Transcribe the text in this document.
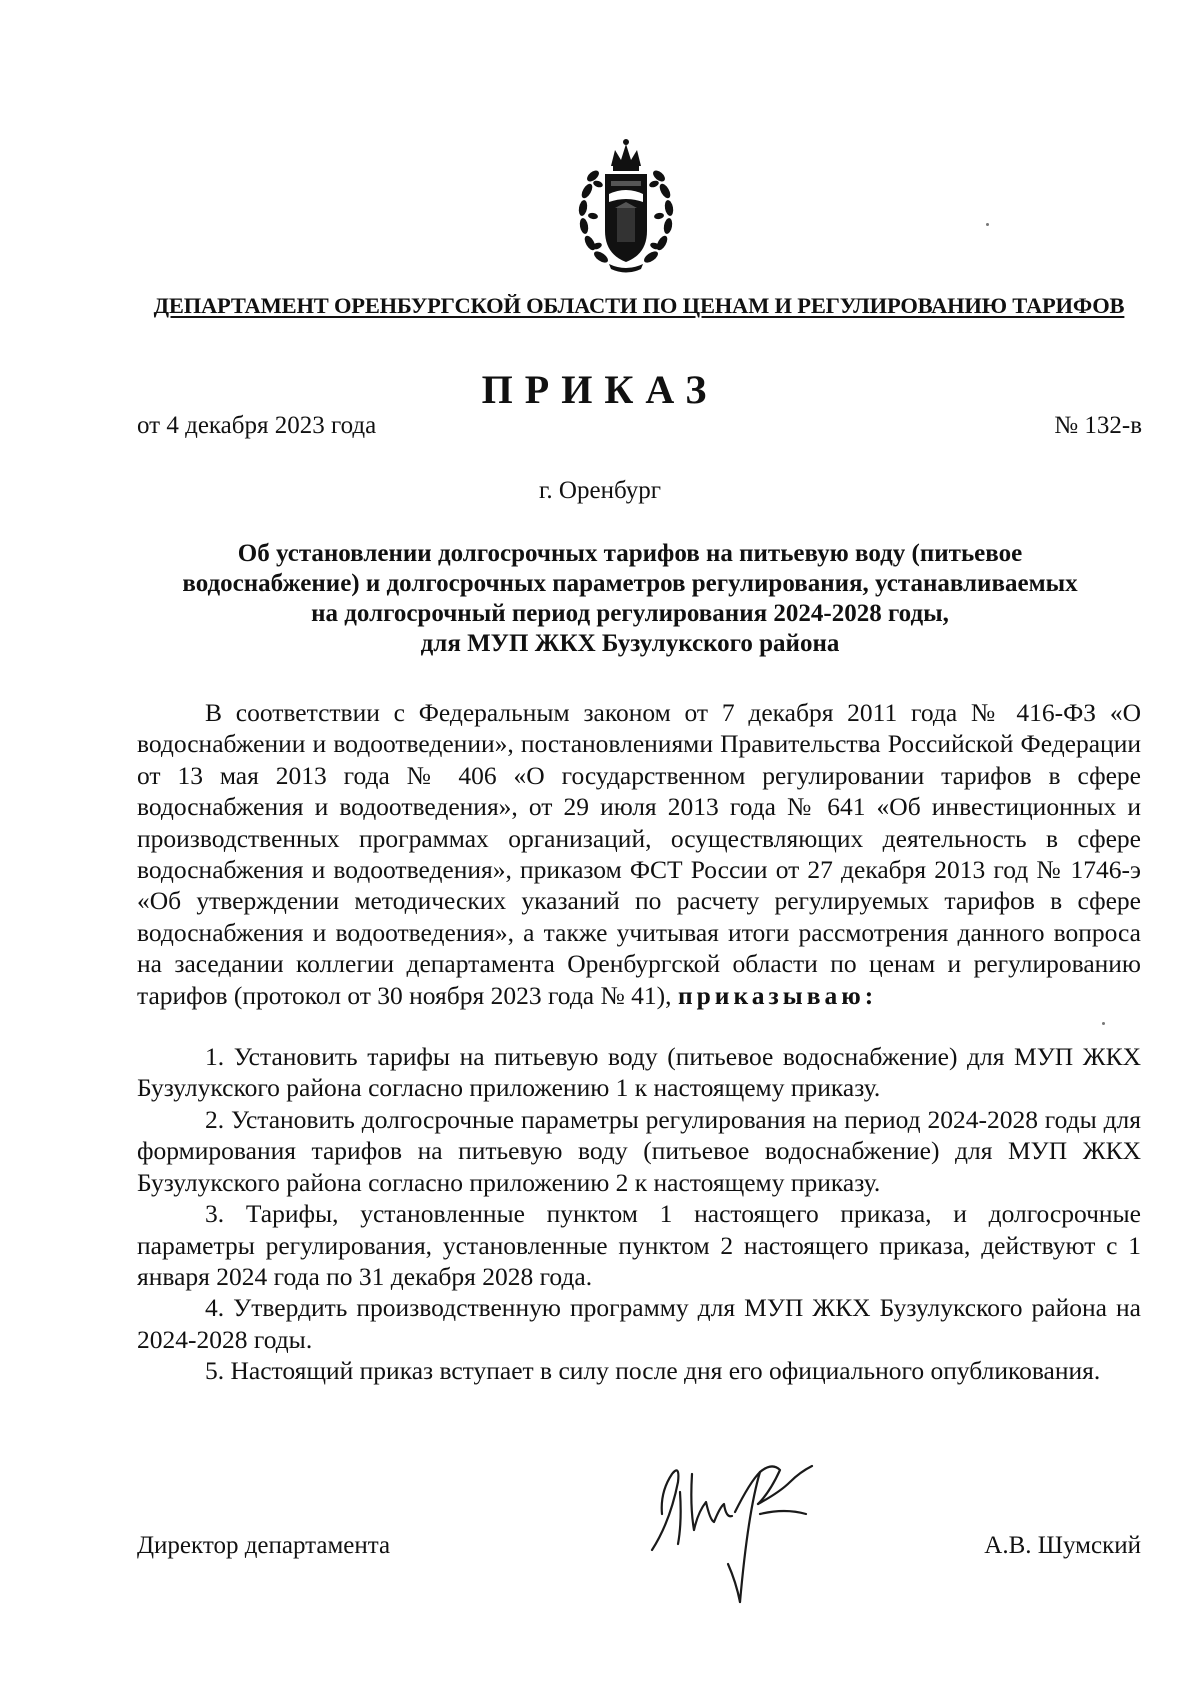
ДЕПАРТАМЕНТ ОРЕНБУРГСКОЙ ОБЛАСТИ ПО ЦЕНАМ И РЕГУЛИРОВАНИЮ ТАРИФОВ
ПРИКАЗ
от 4 декабря 2023 года	№ 132-в
г. Оренбург
Об установлении долгосрочных тарифов на питьевую воду (питьевое
водоснабжение) и долгосрочных параметров регулирования, устанавливаемых
на долгосрочный период регулирования 2024-2028 годы,
для МУП ЖКХ Бузулукского района

В соответствии с Федеральным законом от 7 декабря 2011 года № 416-ФЗ «О водоснабжении и водоотведении», постановлениями Правительства Российской Федерации от 13 мая 2013 года № 406 «О государственном регулировании тарифов в сфере водоснабжения и водоотведения», от 29 июля 2013 года № 641 «Об инвестиционных и производственных программах организаций, осуществляющих деятельность в сфере водоснабжения и водоотведения», приказом ФСТ России от 27 декабря 2013 год № 1746-э «Об утверждении методических указаний по расчету регулируемых тарифов в сфере водоснабжения и водоотведения», а также учитывая итоги рассмотрения данного вопроса на заседании коллегии департамента Оренбургской области по ценам и регулированию тарифов (протокол от 30 ноября 2023 года № 41), приказываю:

1. Установить тарифы на питьевую воду (питьевое водоснабжение) для МУП ЖКХ Бузулукского района согласно приложению 1 к настоящему приказу.

2. Установить долгосрочные параметры регулирования на период 2024-2028 годы для формирования тарифов на питьевую воду (питьевое водоснабжение) для МУП ЖКХ Бузулукского района согласно приложению 2 к настоящему приказу.

3. Тарифы, установленные пунктом 1 настоящего приказа, и долгосрочные параметры регулирования, установленные пунктом 2 настоящего приказа, действуют с 1 января 2024 года по 31 декабря 2028 года.

4. Утвердить производственную программу для МУП ЖКХ Бузулукского района на 2024-2028 годы.

5. Настоящий приказ вступает в силу после дня его официального опубликования.

Директор департамента	А.В. Шумский
